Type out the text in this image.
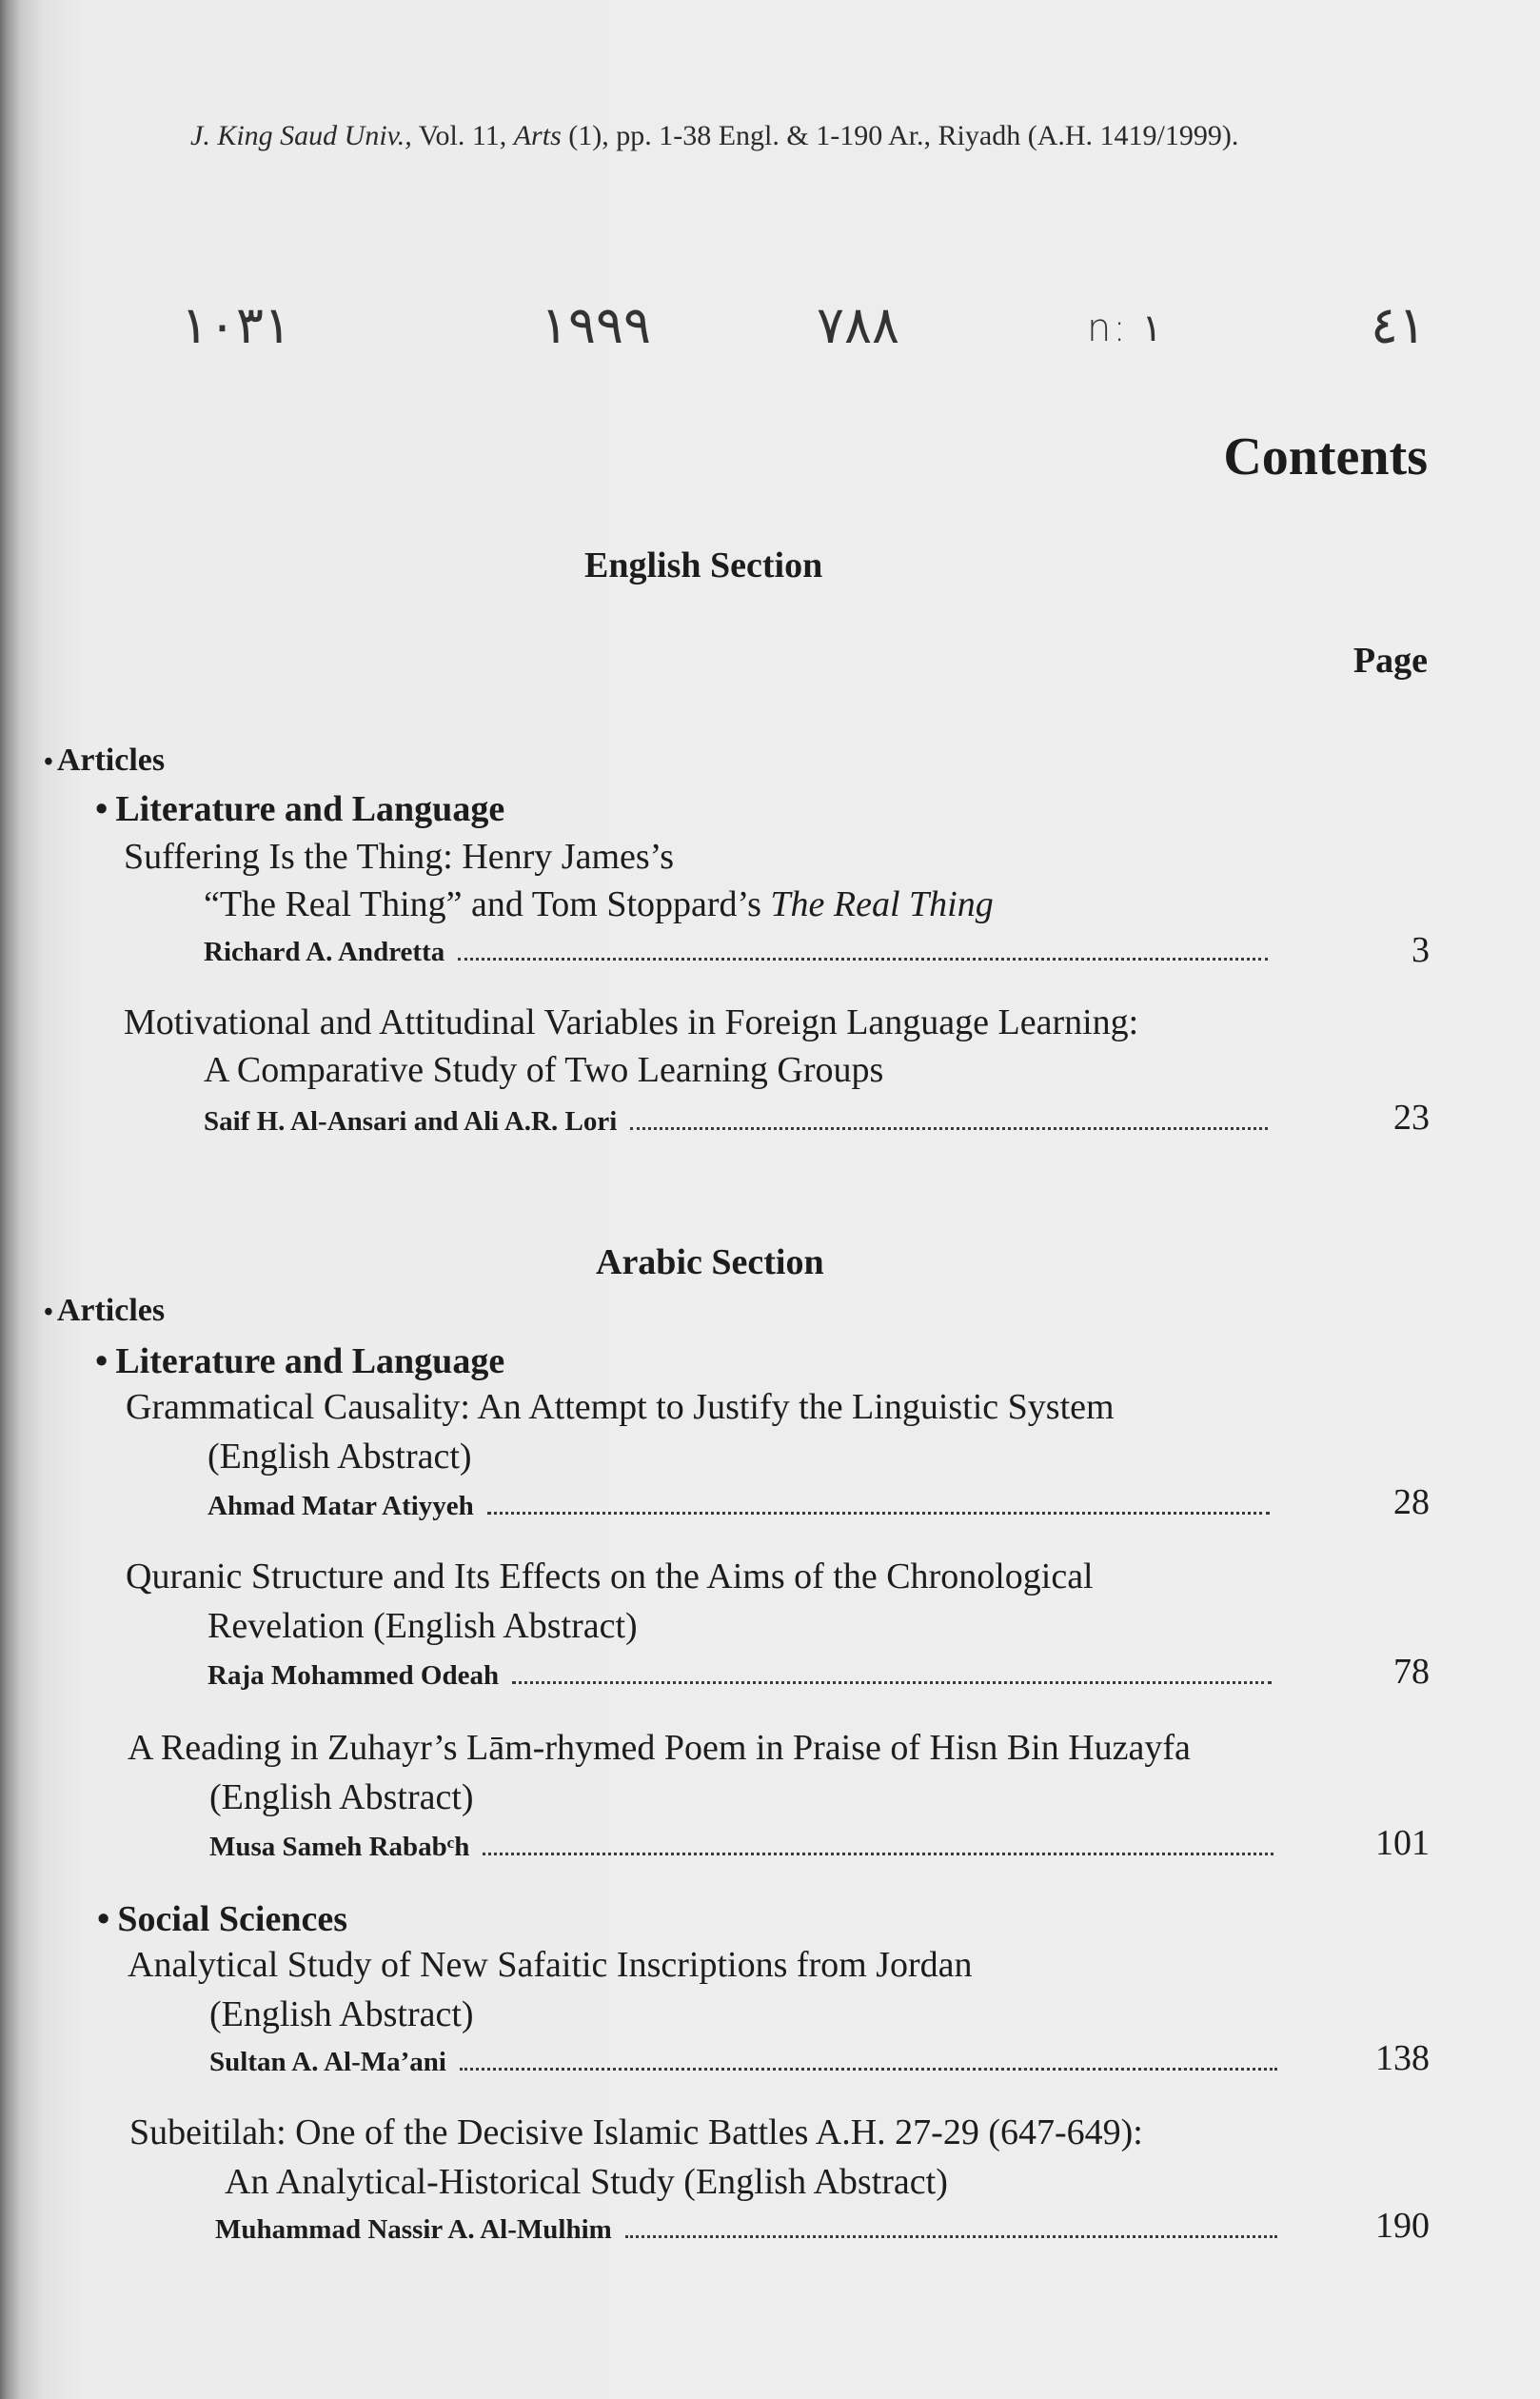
J. King Saud Univ., Vol. 11, Arts (1), pp. 1-38 Engl. & 1-190 Ar., Riyadh (A.H. 1419/1999).
١٠٣١	١٩٩٩	٧٨٨	n: ١	٤١
Contents
English Section
Page
• Articles
• Literature and Language
Suffering Is the Thing: Henry James’s
“The Real Thing” and Tom Stoppard’s The Real Thing
Richard A. Andretta	3
Motivational and Attitudinal Variables in Foreign Language Learning:
A Comparative Study of Two Learning Groups
Saif H. Al-Ansari and Ali A.R. Lori	23
Arabic Section
• Articles
• Literature and Language
Grammatical Causality: An Attempt to Justify the Linguistic System
(English Abstract)
Ahmad Matar Atiyyeh	28
Quranic Structure and Its Effects on the Aims of the Chronological
Revelation (English Abstract)
Raja Mohammed Odeah	78
A Reading in Zuhayr’s Lām-rhymed Poem in Praise of Hisn Bin Huzayfa
(English Abstract)
Musa Sameh Rababᶜh	101
• Social Sciences
Analytical Study of New Safaitic Inscriptions from Jordan
(English Abstract)
Sultan A. Al-Ma’ani	138
Subeitilah: One of the Decisive Islamic Battles A.H. 27-29 (647-649):
An Analytical-Historical Study (English Abstract)
Muhammad Nassir A. Al-Mulhim	190
